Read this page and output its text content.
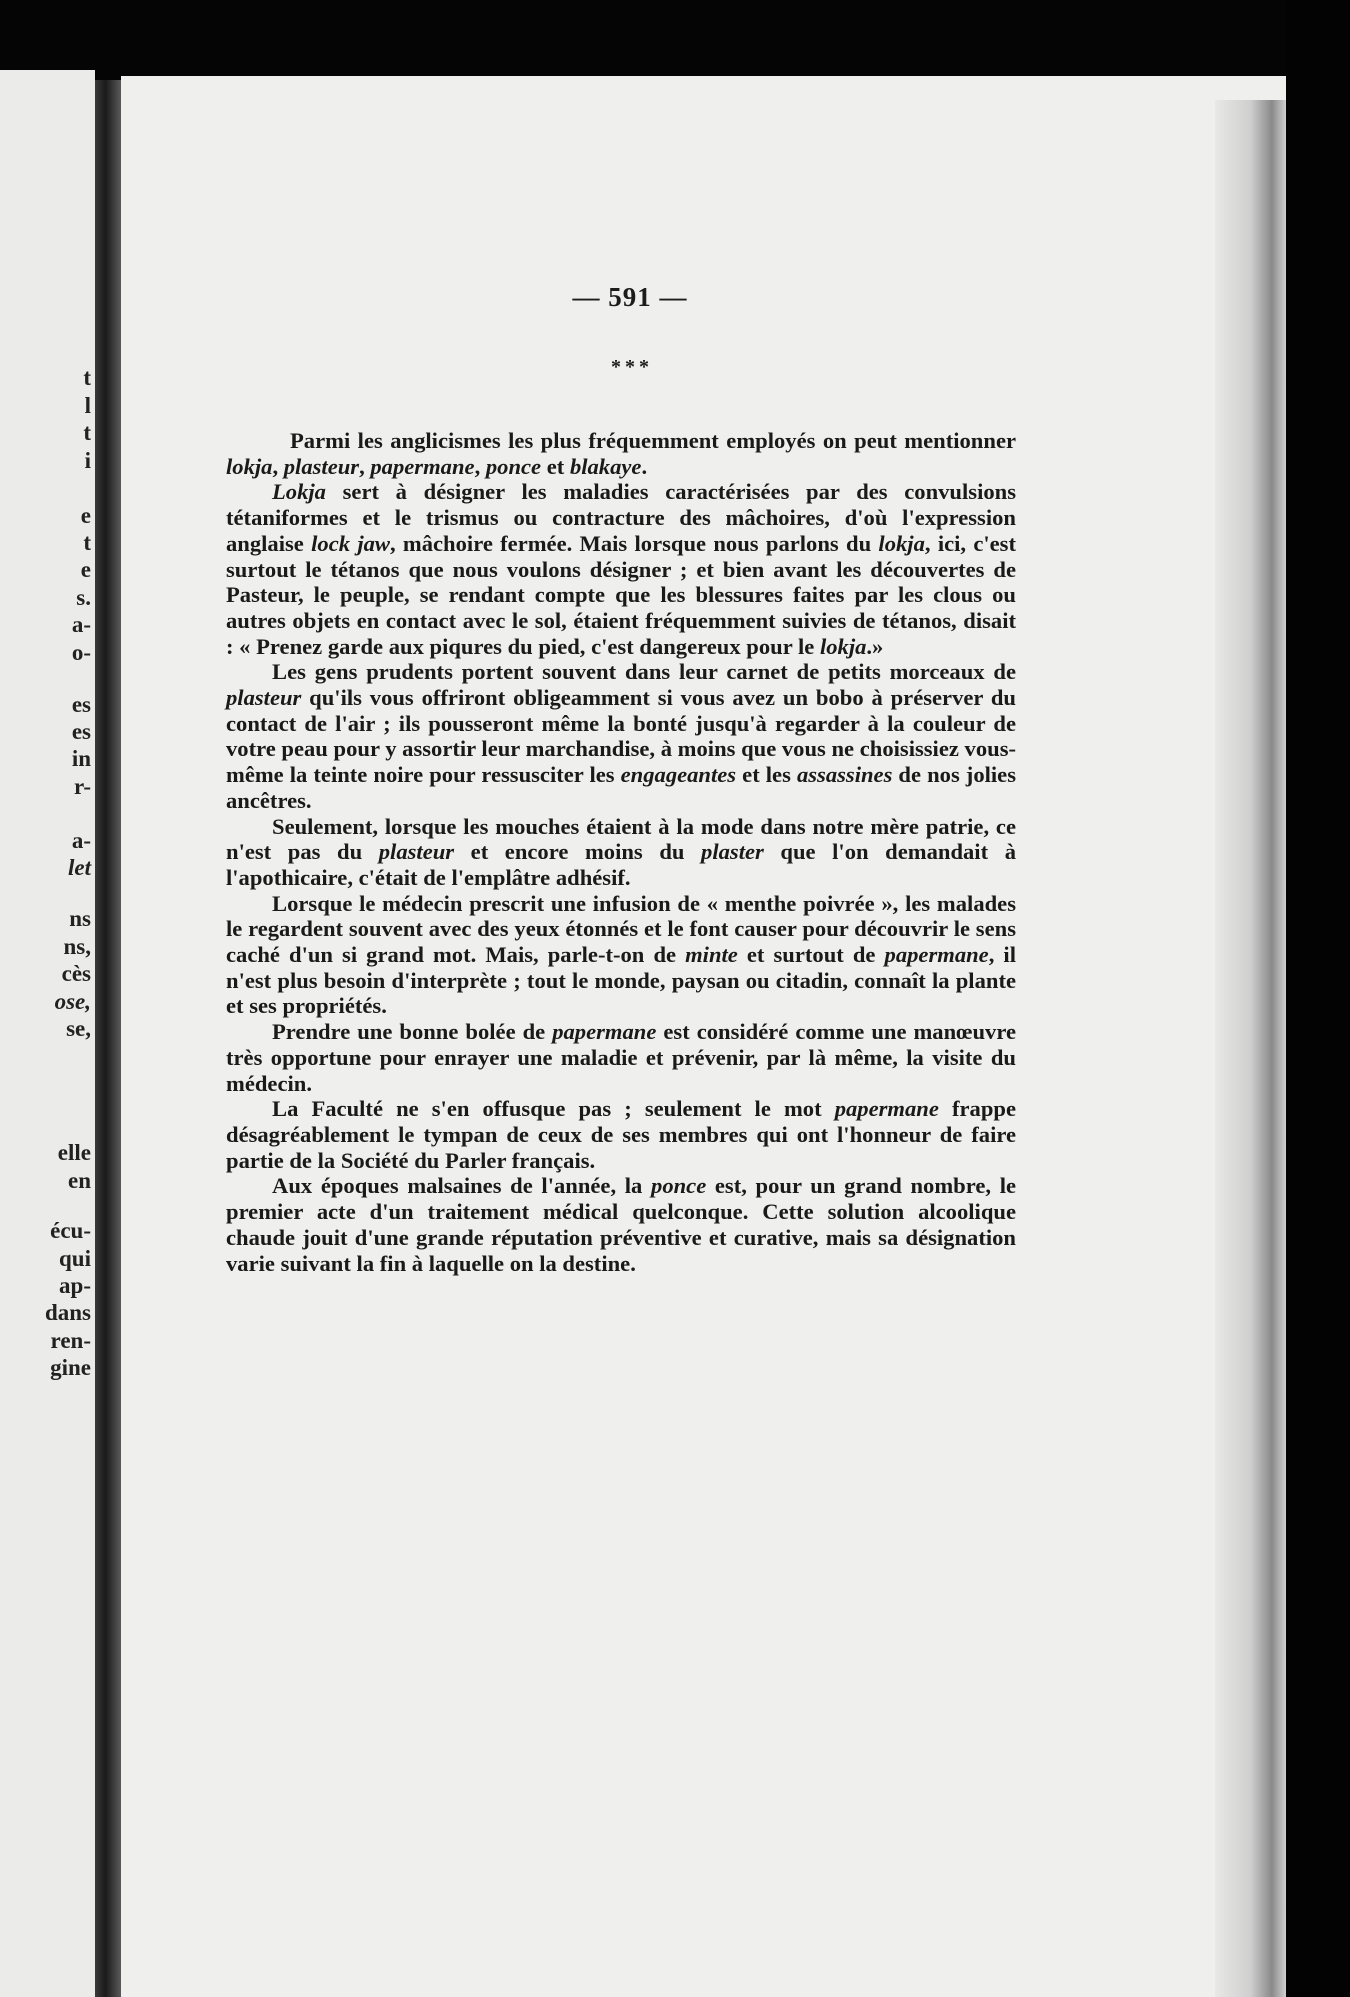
t
l
t
i
e
t
e
s.
a-
o-
es
es
in
r-
a-
let
ns
ns,
cès
ose,
se,
elle
en
écu-
qui
ap-
dans
ren-
gine
— 591 —
* * *

Parmi les anglicismes les plus fréquemment employés on peut mentionner lokja, plasteur, papermane, ponce et blakaye.

Lokja sert à désigner les maladies caractérisées par des convulsions tétaniformes et le trismus ou contracture des mâchoires, d'où l'expression anglaise lock jaw, mâchoire fermée. Mais lorsque nous parlons du lokja, ici, c'est surtout le tétanos que nous voulons désigner ; et bien avant les découvertes de Pasteur, le peuple, se rendant compte que les blessures faites par les clous ou autres objets en contact avec le sol, étaient fréquemment suivies de tétanos, disait : « Prenez garde aux piqures du pied, c'est dangereux pour le lokja.»

Les gens prudents portent souvent dans leur carnet de petits morceaux de plasteur qu'ils vous offriront obligeamment si vous avez un bobo à préserver du contact de l'air ; ils pousseront même la bonté jusqu'à regarder à la couleur de votre peau pour y assortir leur marchandise, à moins que vous ne choisissiez vous-même la teinte noire pour ressusciter les engageantes et les assassines de nos jolies ancêtres.

Seulement, lorsque les mouches étaient à la mode dans notre mère patrie, ce n'est pas du plasteur et encore moins du plaster que l'on demandait à l'apothicaire, c'était de l'emplâtre adhésif.

Lorsque le médecin prescrit une infusion de « menthe poivrée », les malades le regardent souvent avec des yeux étonnés et le font causer pour découvrir le sens caché d'un si grand mot. Mais, parle-t-on de minte et surtout de papermane, il n'est plus besoin d'interprète ; tout le monde, paysan ou citadin, connaît la plante et ses propriétés.

Prendre une bonne bolée de papermane est considéré comme une manœuvre très opportune pour enrayer une maladie et prévenir, par là même, la visite du médecin.

La Faculté ne s'en offusque pas ; seulement le mot papermane frappe désagréablement le tympan de ceux de ses membres qui ont l'honneur de faire partie de la Société du Parler français.

Aux époques malsaines de l'année, la ponce est, pour un grand nombre, le premier acte d'un traitement médical quelconque. Cette solution alcoolique chaude jouit d'une grande réputation préventive et curative, mais sa désignation varie suivant la fin à laquelle on la destine.
